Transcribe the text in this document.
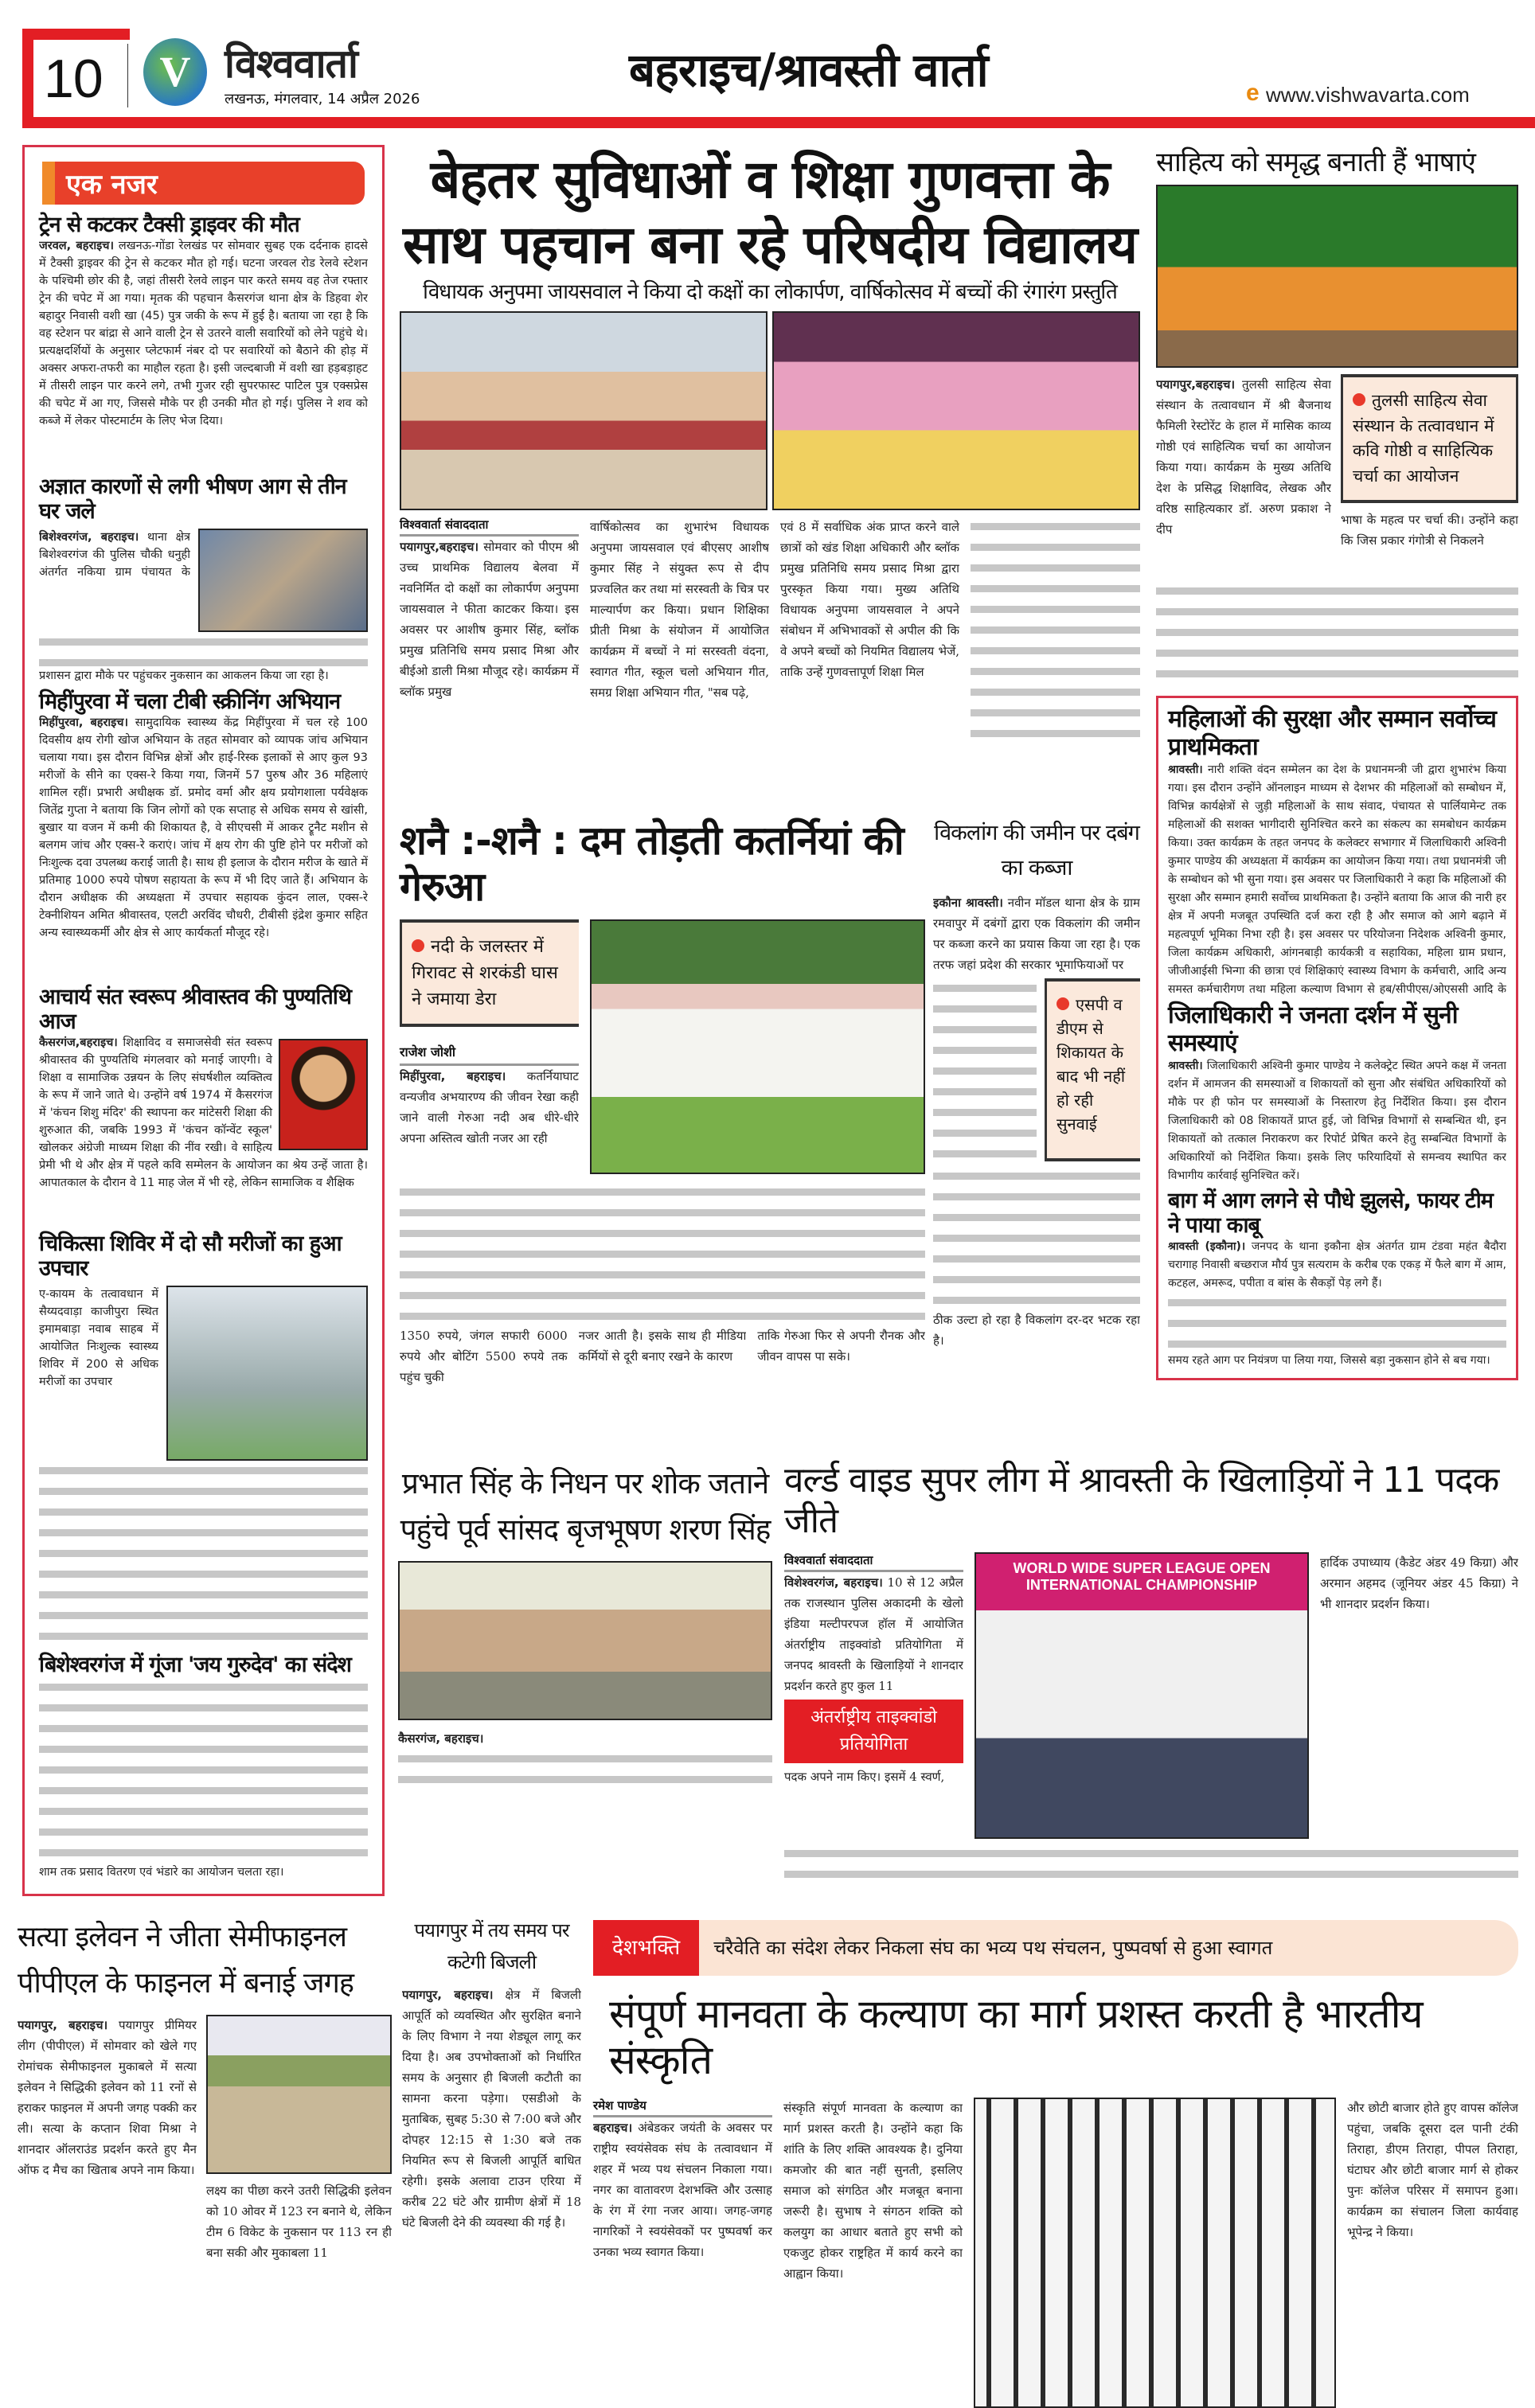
10	V विश्ववार्ता
लखनऊ, मंगलवार, 14 अप्रैल 2026
बहराइच/श्रावस्ती वार्ता	e www.vishwavarta.com
एक नजर
ट्रेन से कटकर टैक्सी ड्राइवर की मौत
जरवल, बहराइच। लखनऊ-गोंडा रेलखंड पर सोमवार सुबह एक दर्दनाक हादसे में टैक्सी ड्राइवर की ट्रेन से कटकर मौत हो गई। घटना जरवल रोड रेलवे स्टेशन के पश्चिमी छोर की है, जहां तीसरी रेलवे लाइन पार करते समय वह तेज रफ्तार ट्रेन की चपेट में आ गया। मृतक की पहचान कैसरगंज थाना क्षेत्र के डिहवा शेर बहादुर निवासी वशी खा (45) पुत्र जकी के रूप में हुई है। बताया जा रहा है कि वह स्टेशन पर बांद्रा से आने वाली ट्रेन से उतरने वाली सवारियों को लेने पहुंचे थे। प्रत्यक्षदर्शियों के अनुसार प्लेटफार्म नंबर दो पर सवारियों को बैठाने की होड़ में अक्सर अफरा-तफरी का माहौल रहता है। इसी जल्दबाजी में वशी खा हड़बड़ाहट में तीसरी लाइन पार करने लगे, तभी गुजर रही सुपरफास्ट पाटिल पुत्र एक्सप्रेस की चपेट में आ गए, जिससे मौके पर ही उनकी मौत हो गई। पुलिस ने शव को कब्जे में लेकर पोस्टमार्टम के लिए भेज दिया।
अज्ञात कारणों से लगी भीषण आग से तीन घर जले
बिशेश्वरगंज, बहराइच। थाना क्षेत्र बिशेश्वरगंज की पुलिस चौकी धनुही अंतर्गत नकिया ग्राम पंचायत के
प्रशासन द्वारा मौके पर पहुंचकर नुकसान का आकलन किया जा रहा है।
मिहींपुरवा में चला टीबी स्क्रीनिंग अभियान
मिहींपुरवा, बहराइच। सामुदायिक स्वास्थ्य केंद्र मिहींपुरवा में चल रहे 100 दिवसीय क्षय रोगी खोज अभियान के तहत सोमवार को व्यापक जांच अभियान चलाया गया। इस दौरान विभिन्न क्षेत्रों और हाई-रिस्क इलाकों से आए कुल 93 मरीजों के सीने का एक्स-रे किया गया, जिनमें 57 पुरुष और 36 महिलाएं शामिल रहीं। प्रभारी अधीक्षक डॉ. प्रमोद वर्मा और क्षय प्रयोगशाला पर्यवेक्षक जितेंद्र गुप्ता ने बताया कि जिन लोगों को एक सप्ताह से अधिक समय से खांसी, बुखार या वजन में कमी की शिकायत है, वे सीएचसी में आकर ट्रूनैट मशीन से बलगम जांच और एक्स-रे कराएं। जांच में क्षय रोग की पुष्टि होने पर मरीजों को निःशुल्क दवा उपलब्ध कराई जाती है। साथ ही इलाज के दौरान मरीज के खाते में प्रतिमाह 1000 रुपये पोषण सहायता के रूप में भी दिए जाते हैं। अभियान के दौरान अधीक्षक की अध्यक्षता में उपचार सहायक कुंदन लाल, एक्स-रे टेक्नीशियन अमित श्रीवास्तव, एलटी अरविंद चौधरी, टीबीसी इंद्रेश कुमार सहित अन्य स्वास्थ्यकर्मी और क्षेत्र से आए कार्यकर्ता मौजूद रहे।
आचार्य संत स्वरूप श्रीवास्तव की पुण्यतिथि आज
कैसरगंज,बहराइच। शिक्षाविद व समाजसेवी संत स्वरूप श्रीवास्तव की पुण्यतिथि मंगलवार को मनाई जाएगी। वे शिक्षा व सामाजिक उन्नयन के लिए संघर्षशील व्यक्तित्व के रूप में जाने जाते थे। उन्होंने वर्ष 1974 में कैसरगंज में 'कंचन शिशु मंदिर' की स्थापना कर मांटेसरी शिक्षा की शुरुआत की, जबकि 1993 में 'कंचन कॉन्वेंट स्कूल' खोलकर अंग्रेजी माध्यम शिक्षा की नींव रखी। वे साहित्य प्रेमी भी थे और क्षेत्र में पहले कवि सम्मेलन के आयोजन का श्रेय उन्हें जाता है। आपातकाल के दौरान वे 11 माह जेल में भी रहे, लेकिन सामाजिक व शैक्षिक
चिकित्सा शिविर में दो सौ मरीजों का हुआ उपचार
ए-कायम के तत्वावधान में सैय्यदवाड़ा काजीपुरा स्थित इमामबाड़ा नवाब साहब में आयोजित निःशुल्क स्वास्थ्य शिविर में 200 से अधिक मरीजों का उपचार
बिशेश्वरगंज में गूंजा 'जय गुरुदेव' का संदेश
शाम तक प्रसाद वितरण एवं भंडारे का आयोजन चलता रहा।
बेहतर सुविधाओं व शिक्षा गुणवत्ता के साथ पहचान बना रहे परिषदीय विद्यालय
विधायक अनुपमा जायसवाल ने किया दो कक्षों का लोकार्पण, वार्षिकोत्सव में बच्चों की रंगारंग प्रस्तुति
विश्ववार्ता संवाददाता
पयागपुर,बहराइच। सोमवार को पीएम श्री उच्च प्राथमिक विद्यालय बेलवा में नवनिर्मित दो कक्षों का लोकार्पण अनुपमा जायसवाल ने फीता काटकर किया। इस अवसर पर आशीष कुमार सिंह, ब्लॉक प्रमुख प्रतिनिधि समय प्रसाद मिश्रा और बीईओ डाली मिश्रा मौजूद रहे। कार्यक्रम में ब्लॉक प्रमुख
वार्षिकोत्सव का शुभारंभ विधायक अनुपमा जायसवाल एवं बीएसए आशीष कुमार सिंह ने संयुक्त रूप से दीप प्रज्वलित कर तथा मां सरस्वती के चित्र पर माल्यार्पण कर किया। प्रधान शिक्षिका प्रीती मिश्रा के संयोजन में आयोजित कार्यक्रम में बच्चों ने मां सरस्वती वंदना, स्वागत गीत, स्कूल चलो अभियान गीत, समग्र शिक्षा अभियान गीत, "सब पढ़े,
एवं 8 में सर्वाधिक अंक प्राप्त करने वाले छात्रों को खंड शिक्षा अधिकारी और ब्लॉक प्रमुख प्रतिनिधि समय प्रसाद मिश्रा द्वारा पुरस्कृत किया गया। मुख्य अतिथि विधायक अनुपमा जायसवाल ने अपने संबोधन में अभिभावकों से अपील की कि वे अपने बच्चों को नियमित विद्यालय भेजें, ताकि उन्हें गुणवत्तापूर्ण शिक्षा मिल
शनै :-शनै : दम तोड़ती कतर्नियां की गेरुआ
नदी के जलस्तर में गिरावट से शरकंडी घास ने जमाया डेरा
राजेश जोशी
मिहींपुरवा, बहराइच। कतर्नियाघाट वन्यजीव अभयारण्य की जीवन रेखा कही जाने वाली गेरुआ नदी अब धीरे-धीरे अपना अस्तित्व खोती नजर आ रही
1350 रुपये, जंगल सफारी 6000 रुपये और बोटिंग 5500 रुपये तक पहुंच चुकी
नजर आती है। इसके साथ ही मीडिया कर्मियों से दूरी बनाए रखने के कारण
ताकि गेरुआ फिर से अपनी रौनक और जीवन वापस पा सके।
विकलांग की जमीन पर दबंग का कब्जा
इकौना श्रावस्ती। नवीन मॉडल थाना क्षेत्र के ग्राम रमवापुर में दबंगों द्वारा एक विकलांग की जमीन पर कब्जा करने का प्रयास किया जा रहा है। एक तरफ जहां प्रदेश की सरकार भूमाफियाओं पर
एसपी व डीएम से शिकायत के बाद भी नहीं हो रही सुनवाई
ठीक उल्टा हो रहा है विकलांग दर-दर भटक रहा है।
साहित्य को समृद्ध बनाती हैं भाषाएं
पयागपुर,बहराइच। तुलसी साहित्य सेवा संस्थान के तत्वावधान में श्री बैजनाथ फैमिली रेस्टोरेंट के हाल में मासिक काव्य गोष्ठी एवं साहित्यिक चर्चा का आयोजन किया गया। कार्यक्रम के मुख्य अतिथि देश के प्रसिद्ध शिक्षाविद, लेखक और वरिष्ठ साहित्यकार डॉ. अरुण प्रकाश ने दीप
तुलसी साहित्य सेवा संस्थान के तत्वावधान में कवि गोष्ठी व साहित्यिक चर्चा का आयोजन
भाषा के महत्व पर चर्चा की। उन्होंने कहा कि जिस प्रकार गंगोत्री से निकलने
महिलाओं की सुरक्षा और सम्मान सर्वोच्च प्राथमिकता
श्रावस्ती। नारी शक्ति वंदन सम्मेलन का देश के प्रधानमन्त्री जी द्वारा शुभारंभ किया गया। इस दौरान उन्होंने ऑनलाइन माध्यम से देशभर की महिलाओं को सम्बोधन में, विभिन्न कार्यक्षेत्रों से जुड़ी महिलाओं के साथ संवाद, पंचायत से पार्लियामेन्ट तक महिलाओं की सशक्त भागीदारी सुनिश्चित करने का संकल्प का समबोधन कार्यक्रम किया। उक्त कार्यक्रम के तहत जनपद के कलेक्टर सभागार में जिलाधिकारी अश्विनी कुमार पाण्डेय की अध्यक्षता में कार्यक्रम का आयोजन किया गया। तथा प्रधानमंत्री जी के सम्बोधन को भी सुना गया। इस अवसर पर जिलाधिकारी ने कहा कि महिलाओं की सुरक्षा और सम्मान हमारी सर्वोच्च प्राथमिकता है। उन्होंने बताया कि आज की नारी हर क्षेत्र में अपनी मजबूत उपस्थिति दर्ज करा रही है और समाज को आगे बढ़ाने में महत्वपूर्ण भूमिका निभा रही है। इस अवसर पर परियोजना निदेशक अश्विनी कुमार, जिला कार्यक्रम अधिकारी, आंगनबाड़ी कार्यकत्री व सहायिका, महिला ग्राम प्रधान, जीजीआईसी भिन्गा की छात्रा एवं शिक्षिकाएं स्वास्थ्य विभाग के कर्मचारी, आदि अन्य समस्त कर्मचारीगण तथा महिला कल्याण विभाग से हब/सीपीएस/ओएससी आदि के
जिलाधिकारी ने जनता दर्शन में सुनी समस्याएं
श्रावस्ती। जिलाधिकारी अश्विनी कुमार पाण्डेय ने कलेक्ट्रेट स्थित अपने कक्ष में जनता दर्शन में आमजन की समस्याओं व शिकायतों को सुना और संबंधित अधिकारियों को मौके पर ही फोन पर समस्याओं के निस्तारण हेतु निर्देशित किया। इस दौरान जिलाधिकारी को 08 शिकायतें प्राप्त हुई, जो विभिन्न विभागों से सम्बन्धित थी, इन शिकायतों को तत्काल निराकरण कर रिपोर्ट प्रेषित करने हेतु सम्बन्धित विभागों के अधिकारियों को निर्देशित किया। इसके लिए फरियादियों से समन्वय स्थापित कर विभागीय कार्रवाई सुनिश्चित करें।
बाग में आग लगने से पौधे झुलसे, फायर टीम ने पाया काबू
श्रावस्ती (इकौना)। जनपद के थाना इकौना क्षेत्र अंतर्गत ग्राम टंडवा महंत बैदौरा चरागाह निवासी बच्छराज मौर्य पुत्र सत्यराम के करीब एक एकड़ में फैले बाग में आम, कटहल, अमरूद, पपीता व बांस के सैकड़ों पेड़ लगे हैं।
समय रहते आग पर नियंत्रण पा लिया गया, जिससे बड़ा नुकसान होने से बच गया।
प्रभात सिंह के निधन पर शोक जताने पहुंचे पूर्व सांसद बृजभूषण शरण सिंह
कैसरगंज, बहराइच।
वर्ल्ड वाइड सुपर लीग में श्रावस्ती के खिलाड़ियों ने 11 पदक जीते
विश्ववार्ता संवाददाता
विशेश्वरगंज, बहराइच। 10 से 12 अप्रैल तक राजस्थान पुलिस अकादमी के खेलो इंडिया मल्टीपरपज हॉल में आयोजित अंतर्राष्ट्रीय ताइक्वांडो प्रतियोगिता में जनपद श्रावस्ती के खिलाड़ियों ने शानदार प्रदर्शन करते हुए कुल 11
अंतर्राष्ट्रीय ताइक्वांडो प्रतियोगिता
पदक अपने नाम किए। इसमें 4 स्वर्ण,
WORLD WIDE SUPER LEAGUE OPEN INTERNATIONAL CHAMPIONSHIP
हार्दिक उपाध्याय (कैडेट अंडर 49 किग्रा) और अरमान अहमद (जूनियर अंडर 45 किग्रा) ने भी शानदार प्रदर्शन किया।
सत्या इलेवन ने जीता सेमीफाइनल पीपीएल के फाइनल में बनाई जगह
पयागपुर, बहराइच। पयागपुर प्रीमियर लीग (पीपीएल) में सोमवार को खेले गए रोमांचक सेमीफाइनल मुकाबले में सत्या इलेवन ने सिद्धिकी इलेवन को 11 रनों से हराकर फाइनल में अपनी जगह पक्की कर ली। सत्या के कप्तान शिवा मिश्रा ने शानदार ऑलराउंड प्रदर्शन करते हुए मैन ऑफ द मैच का खिताब अपने नाम किया।
लक्ष्य का पीछा करने उतरी सिद्धिकी इलेवन को 10 ओवर में 123 रन बनाने थे, लेकिन टीम 6 विकेट के नुकसान पर 113 रन ही बना सकी और मुकाबला 11
पयागपुर में तय समय पर कटेगी बिजली
पयागपुर, बहराइच। क्षेत्र में बिजली आपूर्ति को व्यवस्थित और सुरक्षित बनाने के लिए विभाग ने नया शेड्यूल लागू कर दिया है। अब उपभोक्ताओं को निर्धारित समय के अनुसार ही बिजली कटौती का सामना करना पड़ेगा। एसडीओ के मुताबिक, सुबह 5:30 से 7:00 बजे और दोपहर 12:15 से 1:30 बजे तक नियमित रूप से बिजली आपूर्ति बाधित रहेगी। इसके अलावा टाउन एरिया में करीब 22 घंटे और ग्रामीण क्षेत्रों में 18 घंटे बिजली देने की व्यवस्था की गई है।
देशभक्ति	चरैवेति का संदेश लेकर निकला संघ का भव्य पथ संचलन, पुष्पवर्षा से हुआ स्वागत
संपूर्ण मानवता के कल्याण का मार्ग प्रशस्त करती है भारतीय संस्कृति
रमेश पाण्डेय
बहराइच। अंबेडकर जयंती के अवसर पर राष्ट्रीय स्वयंसेवक संघ के तत्वावधान में शहर में भव्य पथ संचलन निकाला गया। नगर का वातावरण देशभक्ति और उत्साह के रंग में रंगा नजर आया। जगह-जगह नागरिकों ने स्वयंसेवकों पर पुष्पवर्षा कर उनका भव्य स्वागत किया।
संस्कृति संपूर्ण मानवता के कल्याण का मार्ग प्रशस्त करती है। उन्होंने कहा कि शांति के लिए शक्ति आवश्यक है। दुनिया कमजोर की बात नहीं सुनती, इसलिए समाज को संगठित और मजबूत बनाना जरूरी है। सुभाष ने संगठन शक्ति को कलयुग का आधार बताते हुए सभी को एकजुट होकर राष्ट्रहित में कार्य करने का आह्वान किया।
और छोटी बाजार होते हुए वापस कॉलेज पहुंचा, जबकि दूसरा दल पानी टंकी तिराहा, डीएम तिराहा, पीपल तिराहा, घंटाघर और छोटी बाजार मार्ग से होकर पुनः कॉलेज परिसर में समापन हुआ। कार्यक्रम का संचालन जिला कार्यवाह भूपेन्द्र ने किया।
